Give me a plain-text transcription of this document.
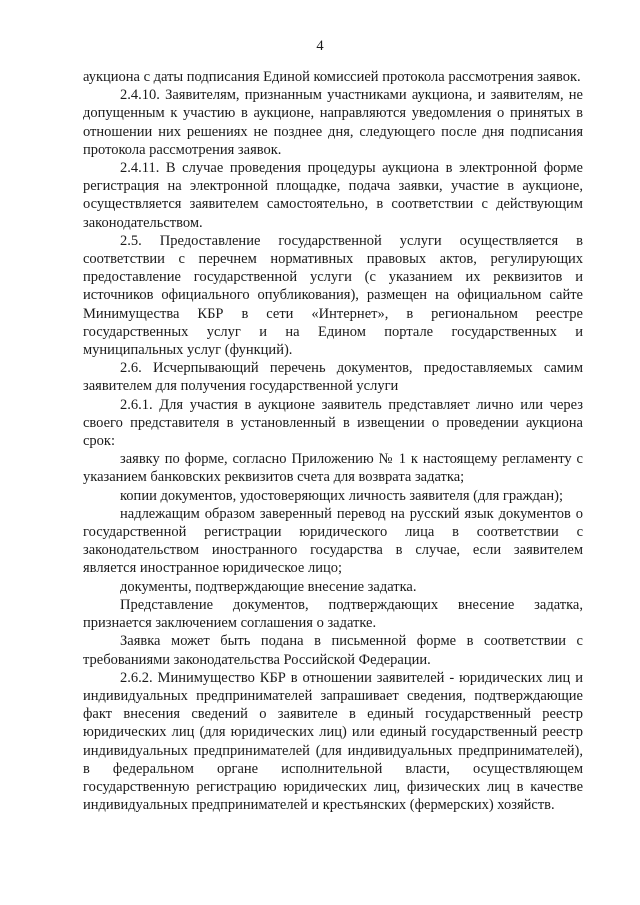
4

аукциона с даты подписания Единой комиссией протокола рассмотрения заявок.

2.4.10. Заявителям, признанным участниками аукциона, и заявителям, не допущенным к участию в аукционе, направляются уведомления о принятых в отношении них решениях не позднее дня, следующего после дня подписания протокола рассмотрения заявок.

2.4.11. В случае проведения процедуры аукциона в электронной форме регистрация на электронной площадке, подача заявки, участие в аукционе, осуществляется заявителем самостоятельно, в соответствии с действующим законодательством.

2.5. Предоставление государственной услуги осуществляется в соответствии с перечнем нормативных правовых актов, регулирующих предоставление государственной услуги (с указанием их реквизитов и источников официального опубликования), размещен на официальном сайте Минимущества КБР в сети «Интернет», в региональном реестре государственных услуг и на Едином портале государственных и муниципальных услуг (функций).

2.6. Исчерпывающий перечень документов, предоставляемых самим заявителем для получения государственной услуги

2.6.1. Для участия в аукционе заявитель представляет лично или через своего представителя в установленный в извещении о проведении аукциона срок:

заявку по форме, согласно Приложению № 1 к настоящему регламенту с указанием банковских реквизитов счета для возврата задатка;

копии документов, удостоверяющих личность заявителя (для граждан);

надлежащим образом заверенный перевод на русский язык документов о государственной регистрации юридического лица в соответствии с законодательством иностранного государства в случае, если заявителем является иностранное юридическое лицо;

документы, подтверждающие внесение задатка.

Представление документов, подтверждающих внесение задатка, признается заключением соглашения о задатке.

Заявка может быть подана в письменной форме в соответствии с требованиями законодательства Российской Федерации.

2.6.2. Минимущество КБР в отношении заявителей - юридических лиц и индивидуальных предпринимателей запрашивает сведения, подтверждающие факт внесения сведений о заявителе в единый государственный реестр юридических лиц (для юридических лиц) или единый государственный реестр индивидуальных предпринимателей (для индивидуальных предпринимателей), в федеральном органе исполнительной власти, осуществляющем государственную регистрацию юридических лиц, физических лиц в качестве индивидуальных предпринимателей и крестьянских (фермерских) хозяйств.
